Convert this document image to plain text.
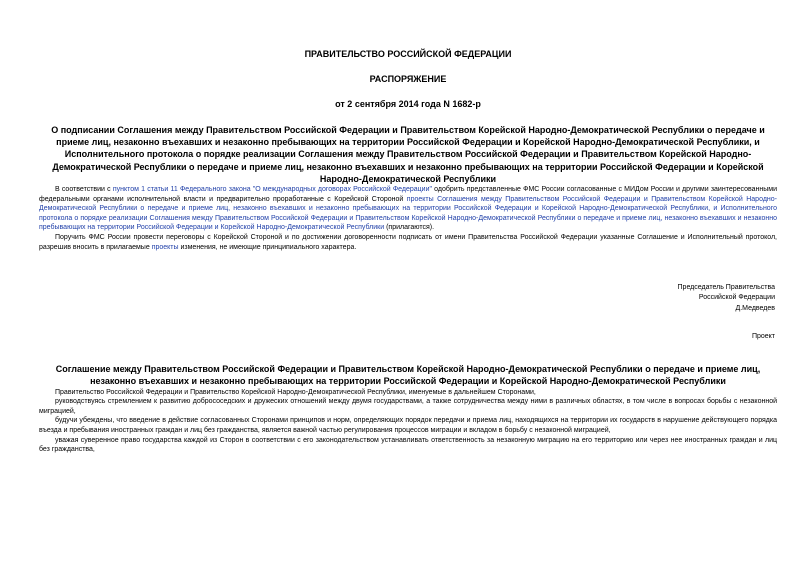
ПРАВИТЕЛЬСТВО РОССИЙСКОЙ ФЕДЕРАЦИИ
РАСПОРЯЖЕНИЕ
от 2 сентября 2014 года N 1682-р
О подписании Соглашения между Правительством Российской Федерации и Правительством Корейской Народно-Демократической Республики о передаче и приеме лиц, незаконно въехавших и незаконно пребывающих на территории Российской Федерации и Корейской Народно-Демократической Республики, и Исполнительного протокола о порядке реализации Соглашения между Правительством Российской Федерации и Правительством Корейской Народно-Демократической Республики о передаче и приеме лиц, незаконно въехавших и незаконно пребывающих на территории Российской Федерации и Корейской Народно-Демократической Республики

В соответствии с пунктом 1 статьи 11 Федерального закона "О международных договорах Российской Федерации" одобрить представленные ФМС России согласованные с МИДом России и другими заинтересованными федеральными органами исполнительной власти и предварительно проработанные с Корейской Стороной проекты Соглашения между Правительством Российской Федерации и Правительством Корейской Народно-Демократической Республики о передаче и приеме лиц, незаконно въехавших и незаконно пребывающих на территории Российской Федерации и Корейской Народно-Демократической Республики, и Исполнительного протокола о порядке реализации Соглашения между Правительством Российской Федерации и Правительством Корейской Народно-Демократической Республики о передаче и приеме лиц, незаконно въехавших и незаконно пребывающих на территории Российской Федерации и Корейской Народно-Демократической Республики (прилагаются).

Поручить ФМС России провести переговоры с Корейской Стороной и по достижении договоренности подписать от имени Правительства Российской Федерации указанные Соглашение и Исполнительный протокол, разрешив вносить в прилагаемые проекты изменения, не имеющие принципиального характера.

Председатель Правительства
Российской Федерации
Д.Медведев
Проект
Соглашение между Правительством Российской Федерации и Правительством Корейской Народно-Демократической Республики о передаче и приеме лиц, незаконно въехавших и незаконно пребывающих на территории Российской Федерации и Корейской Народно-Демократической Республики

Правительство Российской Федерации и Правительство Корейской Народно-Демократической Республики, именуемые в дальнейшем Сторонами,

руководствуясь стремлением к развитию добрососедских и дружеских отношений между двумя государствами, а также сотрудничества между ними в различных областях, в том числе в вопросах борьбы с незаконной миграцией,

будучи убеждены, что введение в действие согласованных Сторонами принципов и норм, определяющих порядок передачи и приема лиц, находящихся на территории их государств в нарушение действующего порядка въезда и пребывания иностранных граждан и лиц без гражданства, является важной частью регулирования процессов миграции и вкладом в борьбу с незаконной миграцией,

уважая суверенное право государства каждой из Сторон в соответствии с его законодательством устанавливать ответственность за незаконную миграцию на его территорию или через нее иностранных граждан и лиц без гражданства,
